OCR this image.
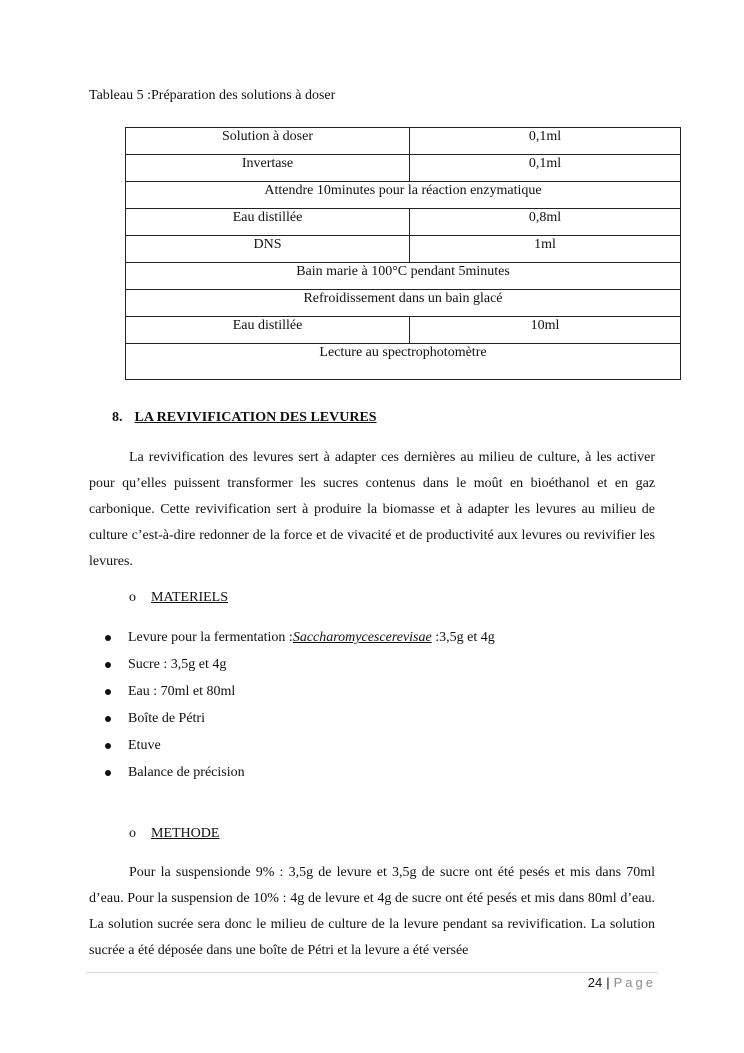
Tableau 5 :Préparation des solutions à doser
Solution à doser	0,1ml
Invertase	0,1ml
Attendre 10minutes pour la réaction enzymatique	
Eau distillée	0,8ml
DNS	1ml
Bain marie à 100°C pendant 5minutes	
Refroidissement dans un bain glacé	
Eau distillée	10ml
Lecture au spectrophotomètre	
8. LA REVIVIFICATION DES LEVURES
La revivification des levures sert à adapter ces dernières au milieu de culture, à les activer pour qu’elles puissent transformer les sucres contenus dans le moût en bioéthanol et en gaz carbonique. Cette revivification sert à produire la biomasse et à adapter les levures au milieu de culture c’est-à-dire redonner de la force et de vivacité et de productivité aux levures ou revivifier les levures.
o MATERIELS
Levure pour la fermentation :Saccharomycescerevisae :3,5g et 4g
Sucre : 3,5g et 4g
Eau : 70ml et 80ml
Boîte de Pétri
Etuve
Balance de précision
o METHODE
Pour la suspensionde 9% : 3,5g de levure et 3,5g de sucre ont été pesés et mis dans 70ml d’eau. Pour la suspension de 10% : 4g de levure et 4g de sucre ont été pesés et mis dans 80ml d’eau. La solution sucrée sera donc le milieu de culture de la levure pendant sa revivification. La solution sucrée a été déposée dans une boîte de Pétri et la levure a été versée
24 | Page
